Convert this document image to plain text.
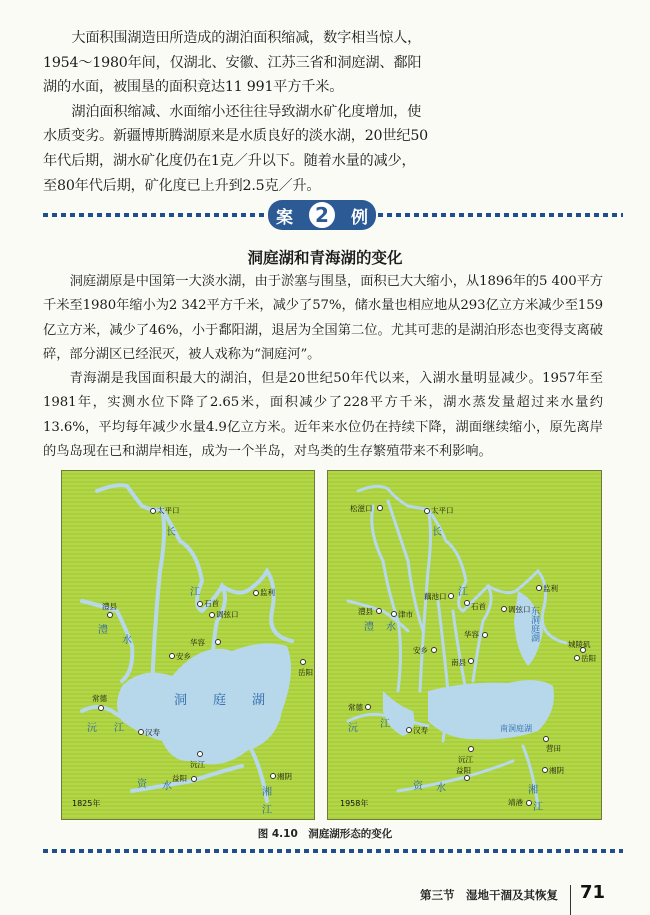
大面积围湖造田所造成的湖泊面积缩减，数字相当惊人，1954～1980年间，仅湖北、安徽、江苏三省和洞庭湖、鄱阳湖的水面，被围垦的面积竟达11 991平方千米。

湖泊面积缩减、水面缩小还往往导致湖水矿化度增加，使水质变劣。新疆博斯腾湖原来是水质良好的淡水湖，20世纪50年代后期，湖水矿化度仍在1克／升以下。随着水量的减少，至80年代后期，矿化度已上升到2.5克／升。

案	2	例
洞庭湖和青海湖的变化

洞庭湖原是中国第一大淡水湖，由于淤塞与围垦，面积已大大缩小，从1896年的5 400平方千米至1980年缩小为2 342平方千米，减少了57%，储水量也相应地从293亿立方米减少至159亿立方米，减少了46%，小于鄱阳湖，退居为全国第二位。尤其可悲的是湖泊形态也变得支离破碎，部分湖区已经泯灭，被人戏称为“洞庭河”。

青海湖是我国面积最大的湖泊，但是20世纪50年代以来，入湖水量明显减少。1957年至1981年，实测水位下降了2.65米，面积减少了228平方千米，湖水蒸发量超过来水量约13.6%，平均每年减少水量4.9亿立方米。近年来水位仍在持续下降，湖面继续缩小，原先离岸的鸟岛现在已和湖岸相连，成为一个半岛，对鸟类的生存繁殖带来不利影响。

太平口
监利
石首
调弦口
澧县
华容
安乡
岳阳
常德
汉寿
沅江
益阳	湘阴
洞庭湖
长
江
澧
水
沅 江
资 水
湘
江
1825年
松滋口	太平口
藕池口
石首	调弦口
监利
澧县	津市
安乡
华容
南县
城陵矶
岳阳
常德
汉寿
沅江
营田
益阳	湘阴
靖港
东洞庭湖
南洞庭湖
长
江
澧 水
沅 江
资 水	湘
江
1958年
图 4.10　洞庭湖形态的变化
第三节　湿地干涸及其恢复 71
